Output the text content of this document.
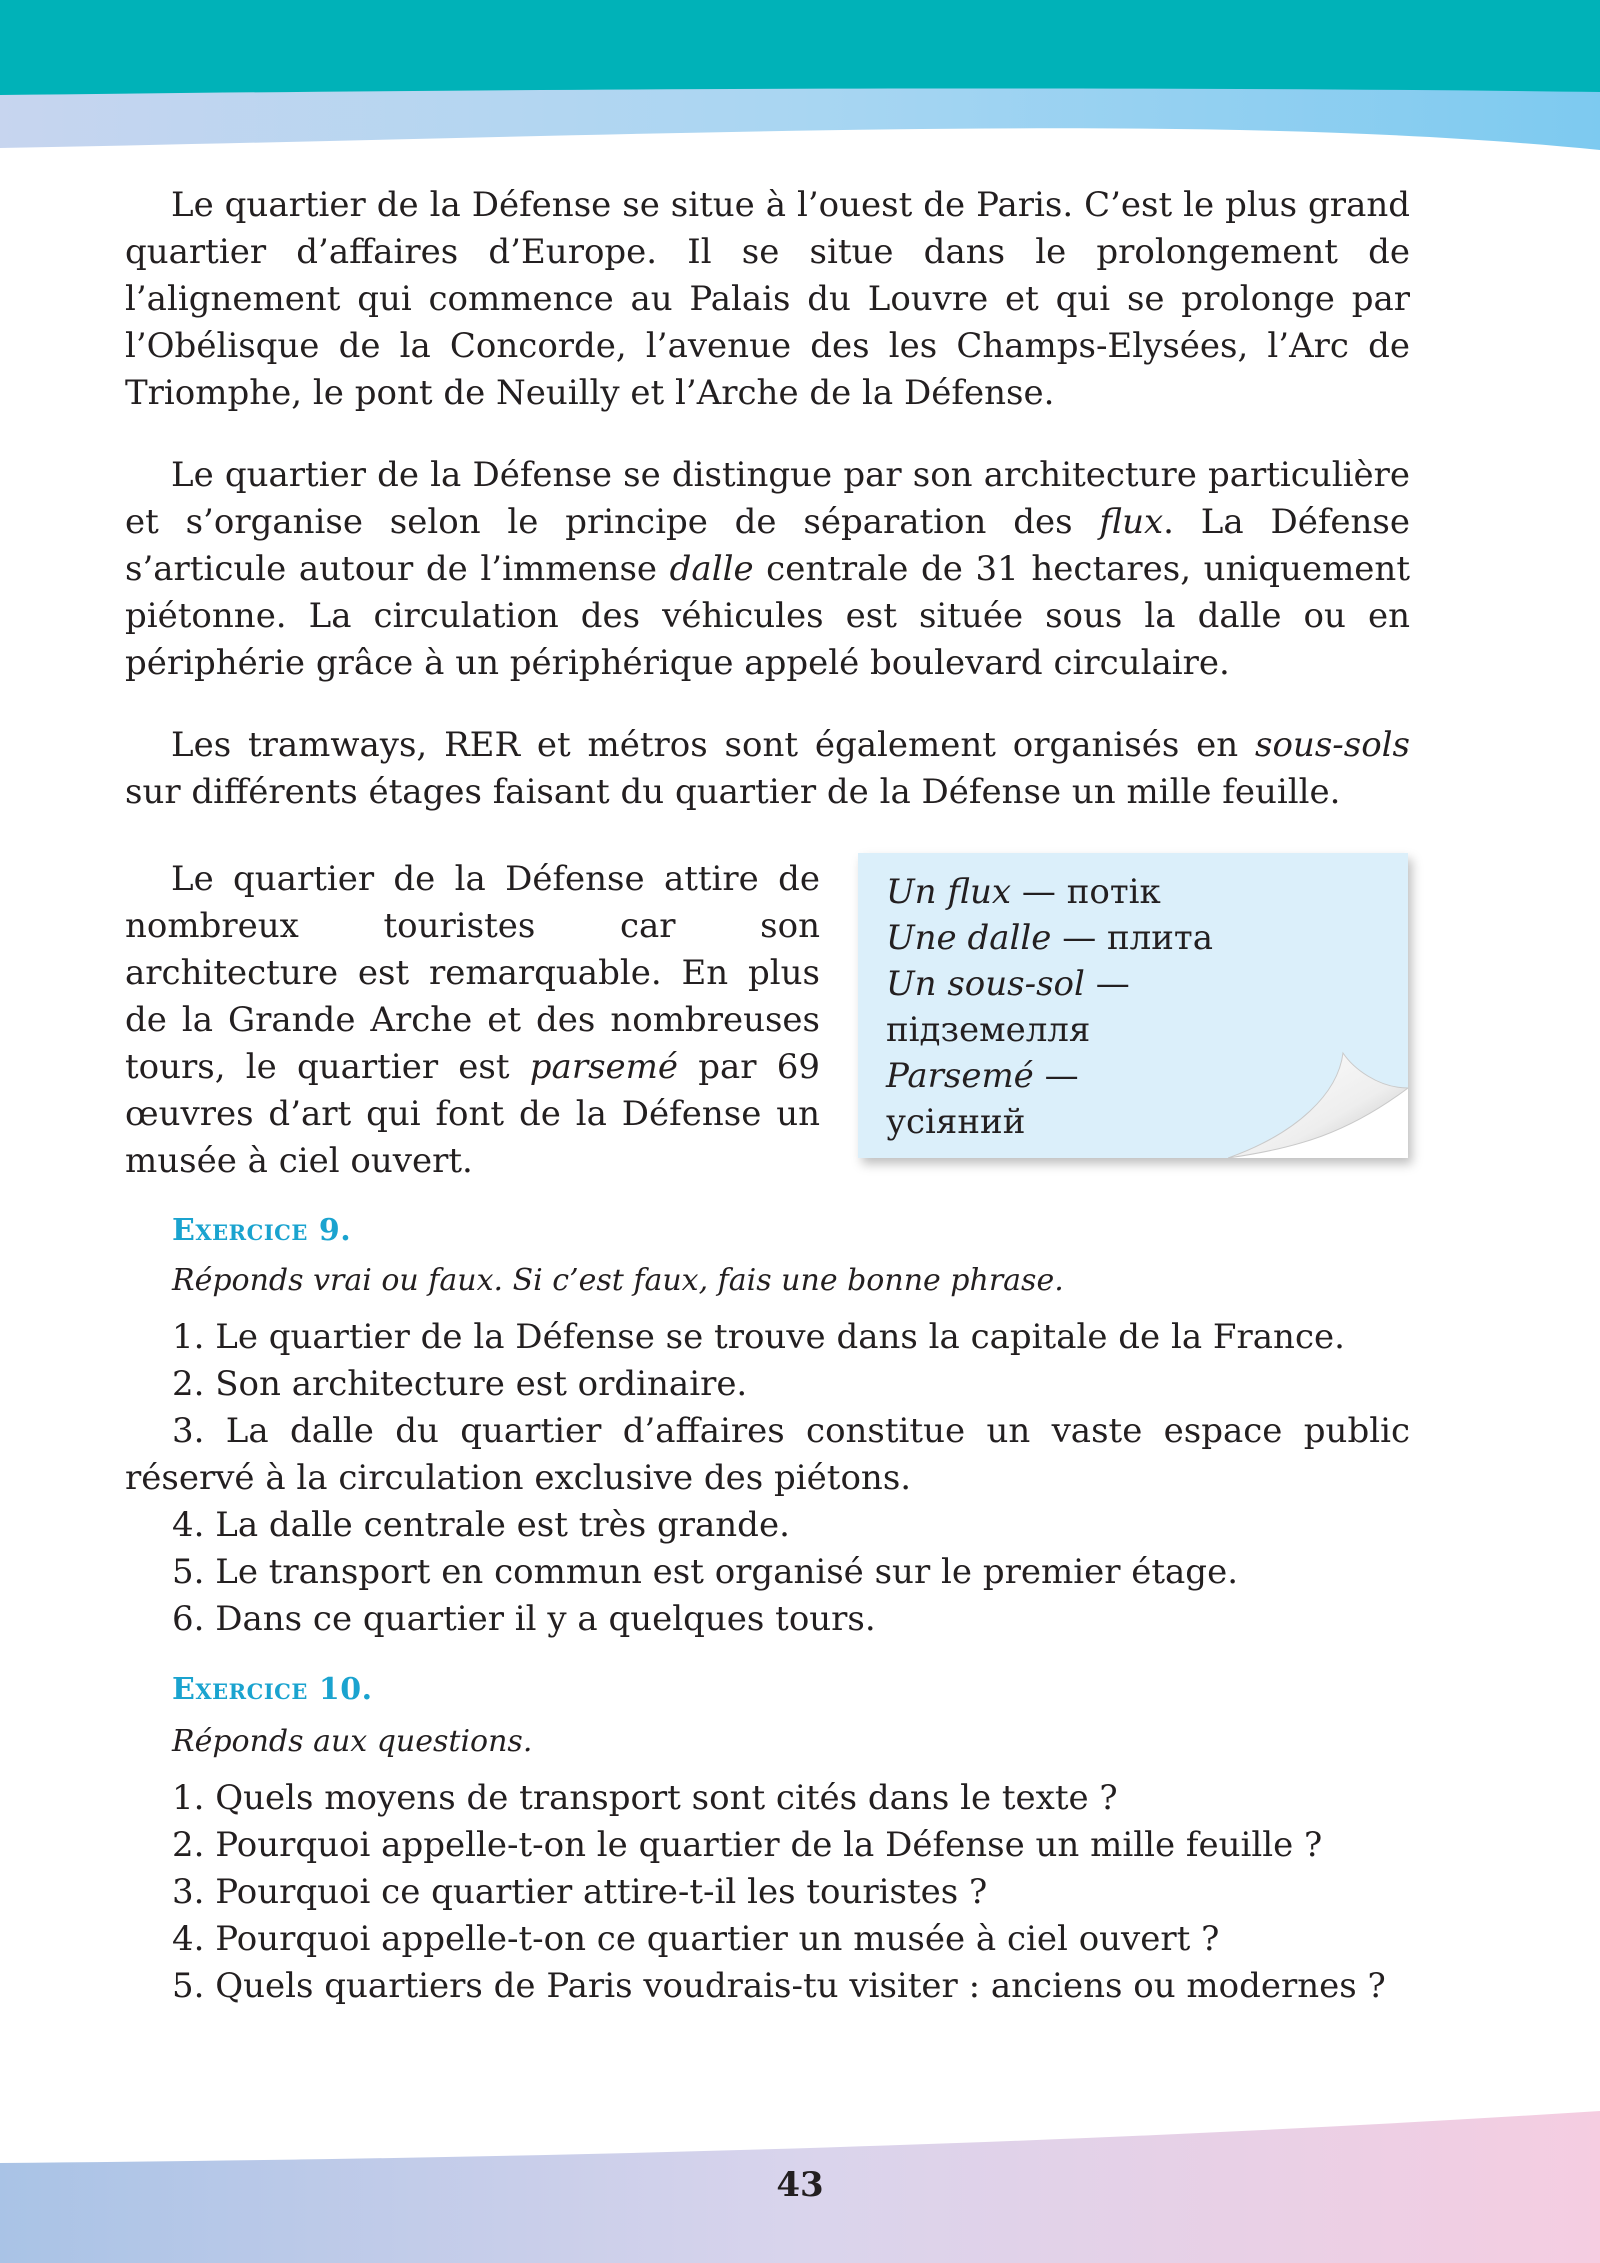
Le quartier de la Défense se situe à l’ouest de Paris. C’est le plus grand quartier d’affaires d’Europe. Il se situe dans le prolongement de l’alignement qui commence au Palais du Louvre et qui se prolonge par l’Obélisque de la Concorde, l’avenue des les Champs-Elysées, l’Arc de Triomphe, le pont de Neuilly et l’Arche de la Défense.
Le quartier de la Défense se distingue par son architecture particulière et s’organise selon le principe de séparation des flux. La Défense s’articule autour de l’immense dalle centrale de 31 hectares, uniquement piétonne. La circulation des véhicules est située sous la dalle ou en périphérie grâce à un périphérique appelé boulevard circulaire.
Les tramways, RER et métros sont également organisés en sous-sols sur différents étages faisant du quartier de la Défense un mille feuille.
Le quartier de la Défense attire de nombreux touristes car son architecture est remarquable. En plus de la Grande Arche et des nombreuses tours, le quartier est parsemé par 69 œuvres d’art qui font de la Défense un musée à ciel ouvert.
Un flux — потік
Une dalle — плита
Un sous-sol —
підземелля
Parsemé —
усіяний
Exercice 9.
Réponds vrai ou faux. Si c’est faux, fais une bonne phrase.
1. Le quartier de la Défense se trouve dans la capitale de la France.
2. Son architecture est ordinaire.
3. La dalle du quartier d’affaires constitue un vaste espace public réservé à la circulation exclusive des piétons.
4. La dalle centrale est très grande.
5. Le transport en commun est organisé sur le premier étage.
6. Dans ce quartier il y a quelques tours.
Exercice 10.
Réponds aux questions.
1. Quels moyens de transport sont cités dans le texte ?
2. Pourquoi appelle-t-on le quartier de la Défense un mille feuille ?
3. Pourquoi ce quartier attire-t-il les touristes ?
4. Pourquoi appelle-t-on ce quartier un musée à ciel ouvert ?
5. Quels quartiers de Paris voudrais-tu visiter : anciens ou modernes ?
43
